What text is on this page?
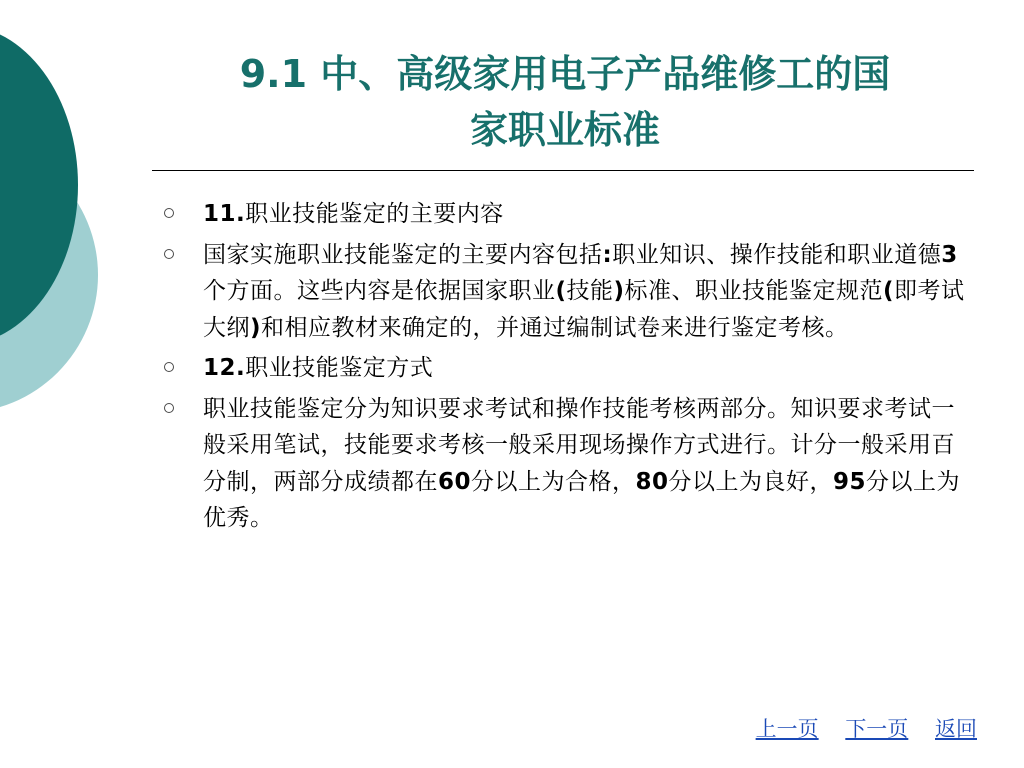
9.1 中、高级家用电子产品维修工的国
家职业标准
11.职业技能鉴定的主要内容
国家实施职业技能鉴定的主要内容包括:职业知识、操作技能和职业道德3个方面。这些内容是依据国家职业(技能)标准、职业技能鉴定规范(即考试大纲)和相应教材来确定的，并通过编制试卷来进行鉴定考核。
12.职业技能鉴定方式
职业技能鉴定分为知识要求考试和操作技能考核两部分。知识要求考试一般采用笔试，技能要求考核一般采用现场操作方式进行。计分一般采用百分制，两部分成绩都在60分以上为合格，80分以上为良好，95分以上为优秀。
上一页 下一页 返回
